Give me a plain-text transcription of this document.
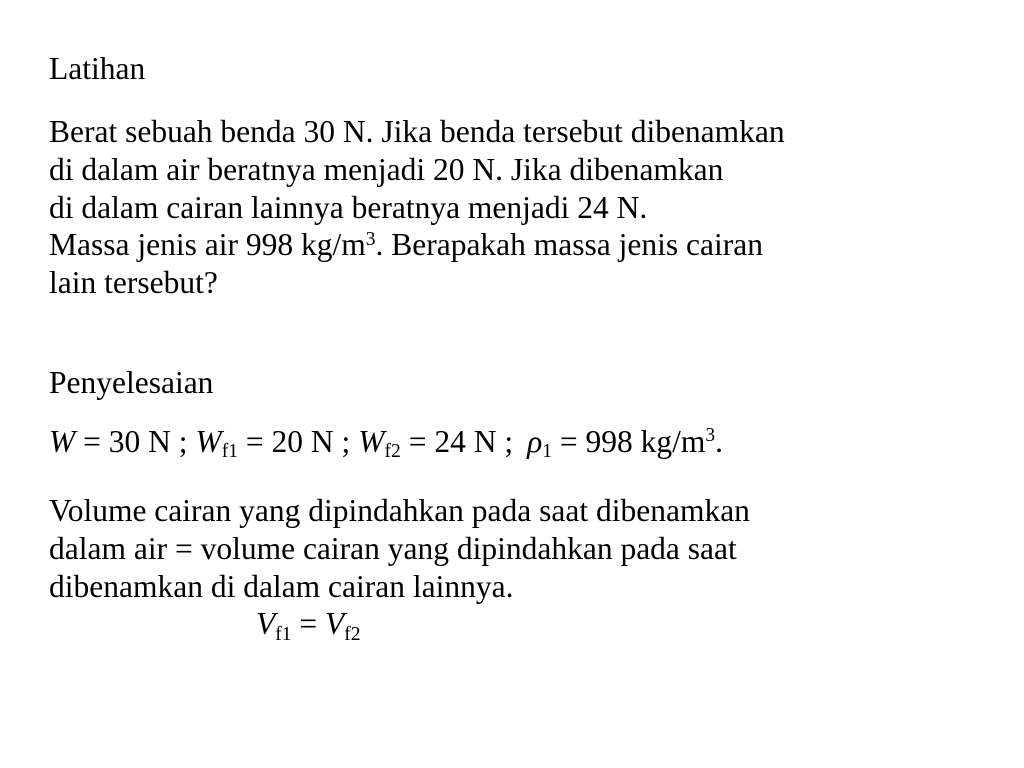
Latihan

Berat sebuah benda 30 N. Jika benda tersebut dibenamkan
di dalam air beratnya menjadi 20 N. Jika dibenamkan
di dalam cairan lainnya beratnya menjadi 24 N.
Massa jenis air 998 $kg/m^3$. Berapakah massa jenis cairan
lain tersebut?

Penyelesaian

W = 30 N ; $W_{f1} = 20$ N ; $W_{f2} = 24$ N ; $\rho_1 = 998$ $kg/m^3$.

Volume cairan yang dipindahkan pada saat dibenamkan
dalam air = volume cairan yang dipindahkan pada saat
dibenamkan di dalam cairan lainnya.
$V_{f1} = V_{f2}$
